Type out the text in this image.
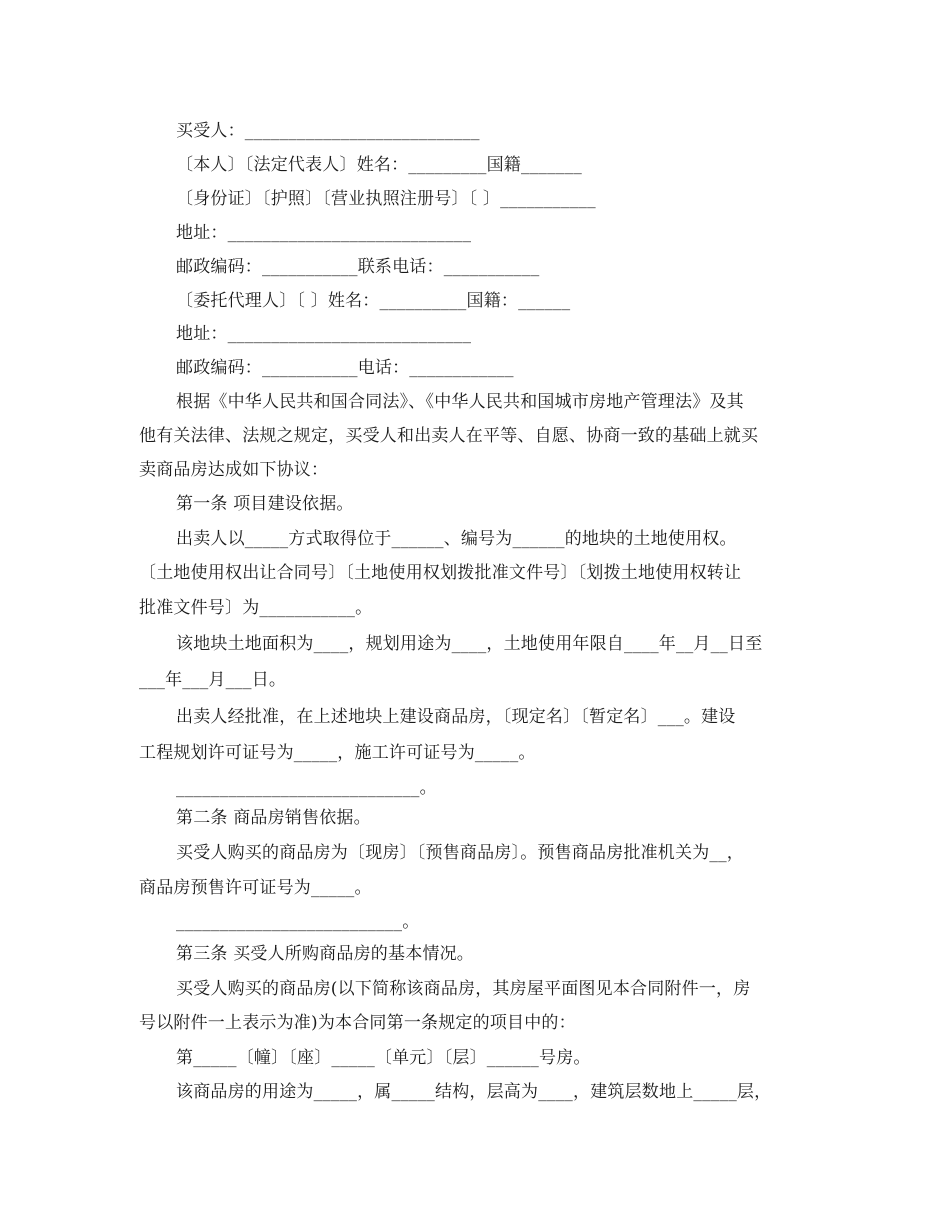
买受人：___________________________

〔本人〕〔法定代表人〕姓名：_________国籍_______

〔身份证〕〔护照〕〔营业执照注册号〕〔 〕___________

地址：____________________________

邮政编码：___________联系电话：___________

〔委托代理人〕〔 〕姓名：__________国籍：______

地址：____________________________

邮政编码：___________电话：____________

根据《中华人民共和国合同法》、《中华人民共和国城市房地产管理法》及其

他有关法律、法规之规定，买受人和出卖人在平等、自愿、协商一致的基础上就买

卖商品房达成如下协议：

第一条 项目建设依据。

出卖人以_____方式取得位于______、编号为______的地块的土地使用权。

〔土地使用权出让合同号〕〔土地使用权划拨批准文件号〕〔划拨土地使用权转让

批准文件号〕为___________。

该地块土地面积为____，规划用途为____，土地使用年限自____年__月__日至

___年___月___日。

出卖人经批准，在上述地块上建设商品房，〔现定名〕〔暂定名〕___。建设

工程规划许可证号为_____，施工许可证号为_____。

____________________________。

第二条 商品房销售依据。

买受人购买的商品房为〔现房〕〔预售商品房〕。预售商品房批准机关为__，

商品房预售许可证号为_____。

__________________________。

第三条 买受人所购商品房的基本情况。

买受人购买的商品房(以下简称该商品房，其房屋平面图见本合同附件一，房

号以附件一上表示为准)为本合同第一条规定的项目中的：

第_____〔幢〕〔座〕_____〔单元〕〔层〕______号房。

该商品房的用途为_____，属_____结构，层高为____，建筑层数地上_____层，
